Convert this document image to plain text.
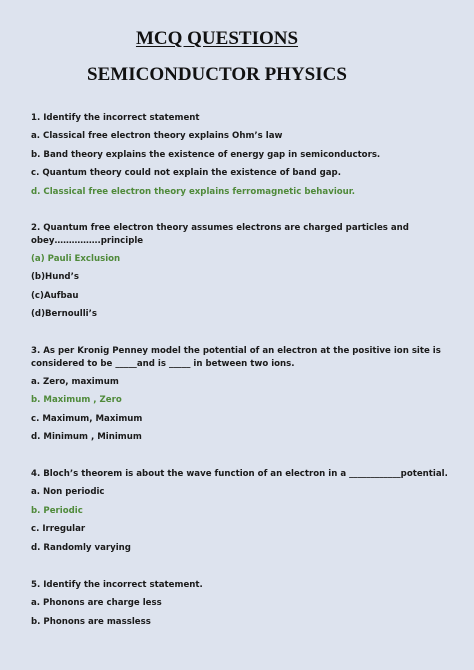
MCQ QUESTIONS
SEMICONDUCTOR PHYSICS

1. Identify the incorrect statement

a. Classical free electron theory explains Ohm’s law

b. Band theory explains the existence of energy gap in semiconductors.

c. Quantum theory could not explain the existence of band gap.

d. Classical free electron theory explains ferromagnetic behaviour.

2. Quantum free electron theory assumes electrons are charged particles and

obey…………….principle

(a) Pauli Exclusion

(b)Hund’s

(c)Aufbau

(d)Bernoulli’s

3. As per Kronig Penney model the potential of an electron at the positive ion site is

considered to be _____and is _____ in between two ions.

a. Zero, maximum

b. Maximum , Zero

c. Maximum, Maximum

d. Minimum , Minimum

4. Bloch’s theorem is about the wave function of an electron in a ____________potential.

a. Non periodic

b. Periodic

c. Irregular

d. Randomly varying

5. Identify the incorrect statement.

a. Phonons are charge less

b. Phonons are massless
